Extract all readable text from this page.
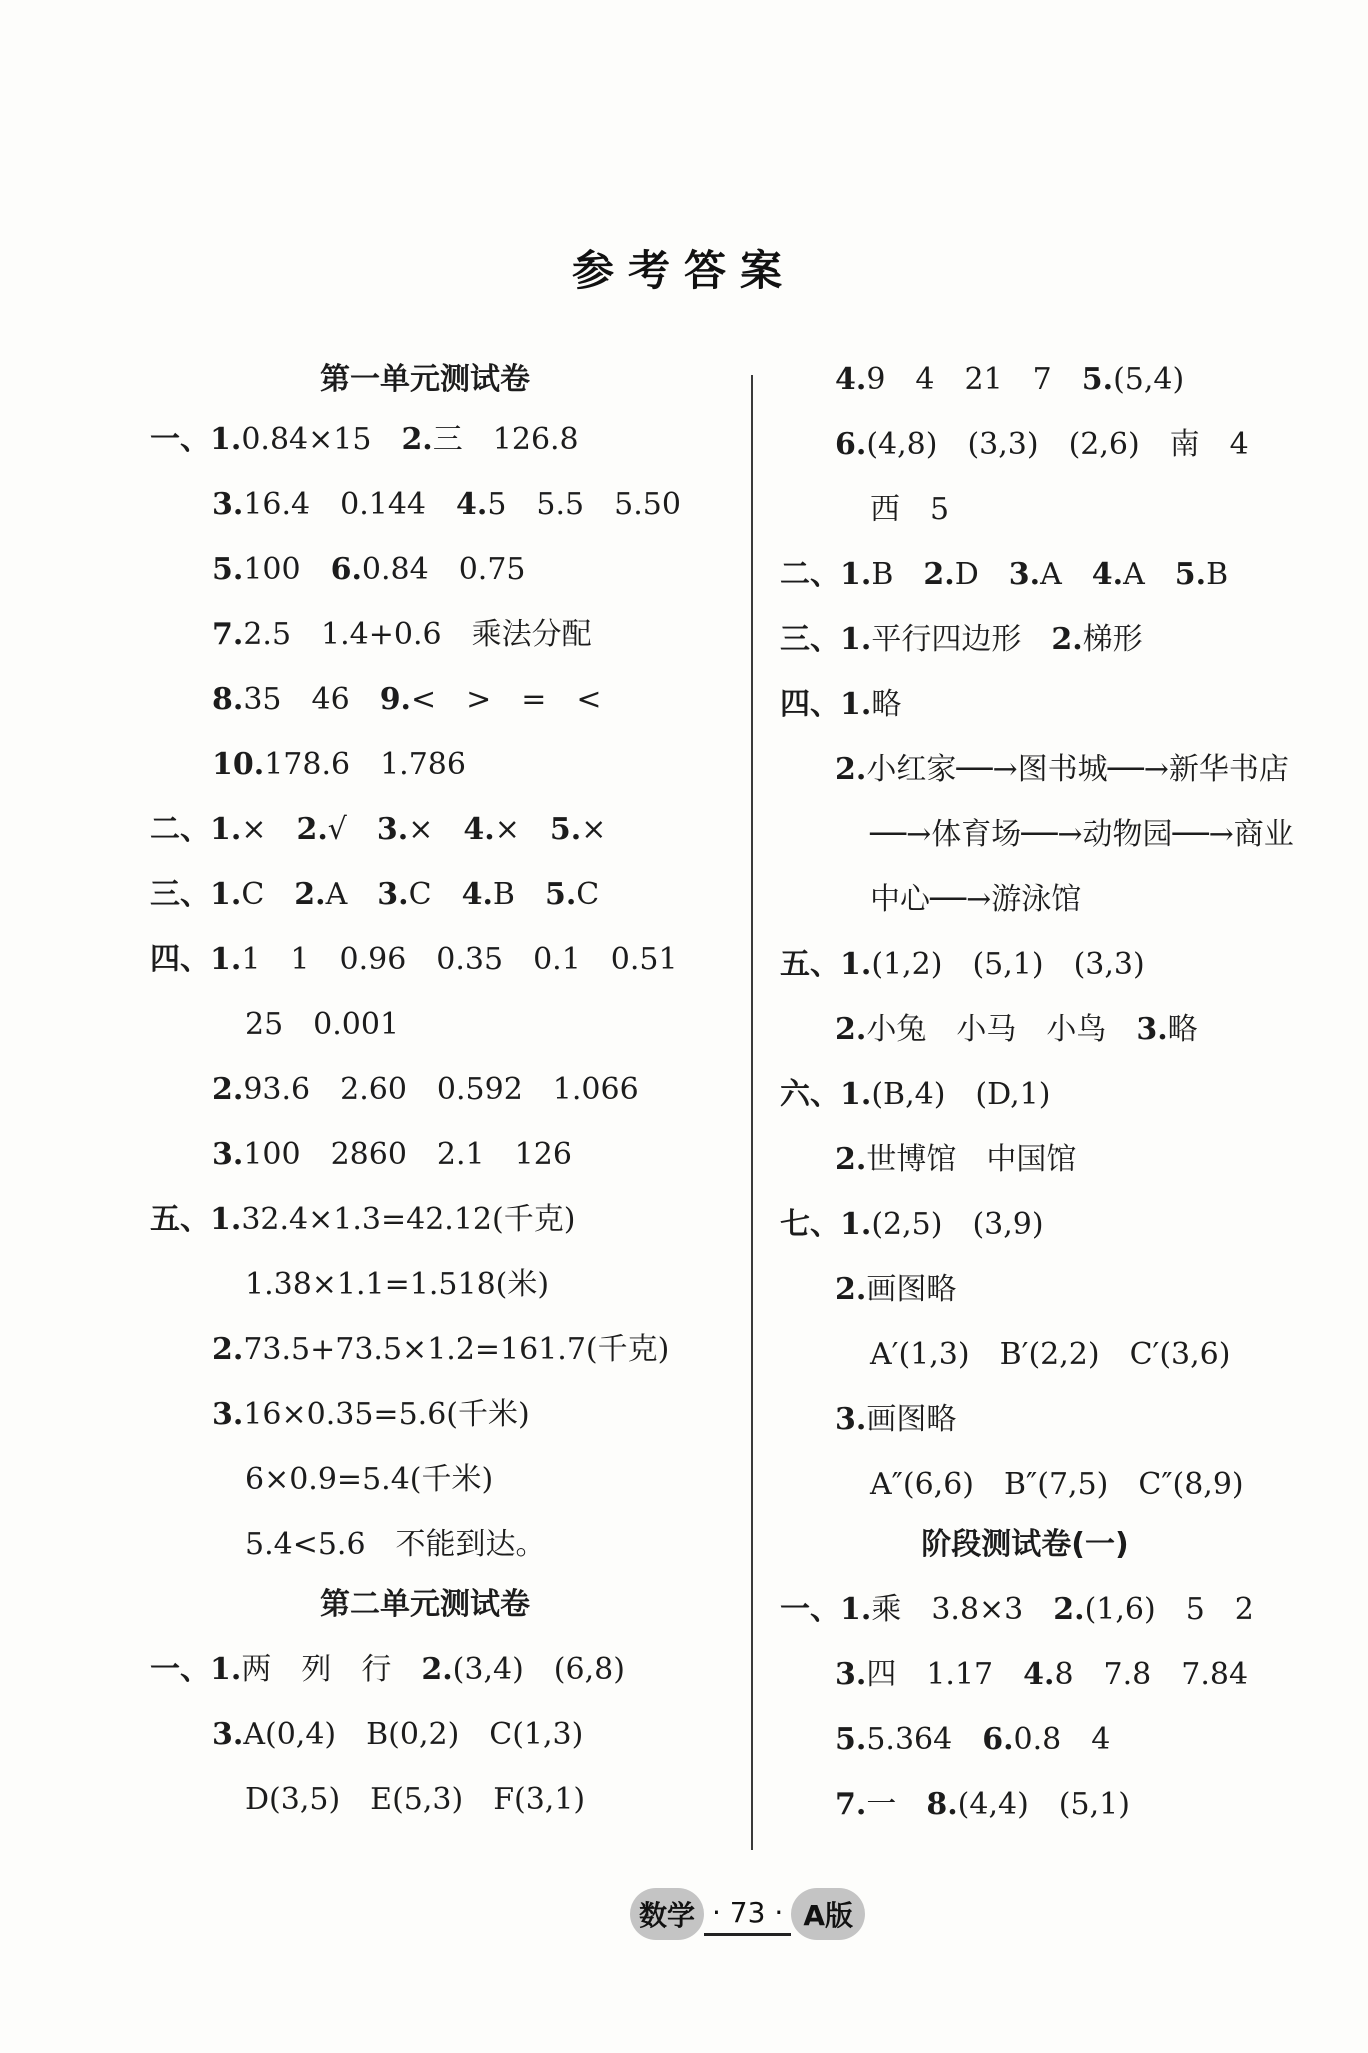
参考答案
第一单元测试卷
一、1.0.84×15 2.三 126.8
3.16.4 0.144 4.5 5.5 5.50
5.100 6.0.84 0.75
7.2.5 1.4+0.6 乘法分配
8.35 46 9.< > = <
10.178.6 1.786
二、1.× 2.√ 3.× 4.× 5.×
三、1.C 2.A 3.C 4.B 5.C
四、1.1 1 0.96 0.35 0.1 0.51
25 0.001
2.93.6 2.60 0.592 1.066
3.100 2860 2.1 126
五、1.32.4×1.3=42.12(千克)
1.38×1.1=1.518(米)
2.73.5+73.5×1.2=161.7(千克)
3.16×0.35=5.6(千米)
6×0.9=5.4(千米)
5.4<5.6 不能到达。
第二单元测试卷
一、1.两 列 行 2.(3,4) (6,8)
3.A(0,4) B(0,2) C(1,3)
D(3,5) E(5,3) F(3,1)
4.9 4 21 7 5.(5,4)
6.(4,8) (3,3) (2,6) 南 4
西 5
二、1.B 2.D 3.A 4.A 5.B
三、1.平行四边形 2.梯形
四、1.略
2.小红家──→图书城──→新华书店
──→体育场──→动物园──→商业
中心──→游泳馆
五、1.(1,2) (5,1) (3,3)
2.小兔 小马 小鸟 3.略
六、1.(B,4) (D,1)
2.世博馆 中国馆
七、1.(2,5) (3,9)
2.画图略
A′(1,3) B′(2,2) C′(3,6)
3.画图略
A″(6,6) B″(7,5) C″(8,9)
阶段测试卷(一)
一、1.乘 3.8×3 2.(1,6) 5 2
3.四 1.17 4.8 7.8 7.84
5.5.364 6.0.8 4
7.一 8.(4,4) (5,1)
数学 · 73 · A版
